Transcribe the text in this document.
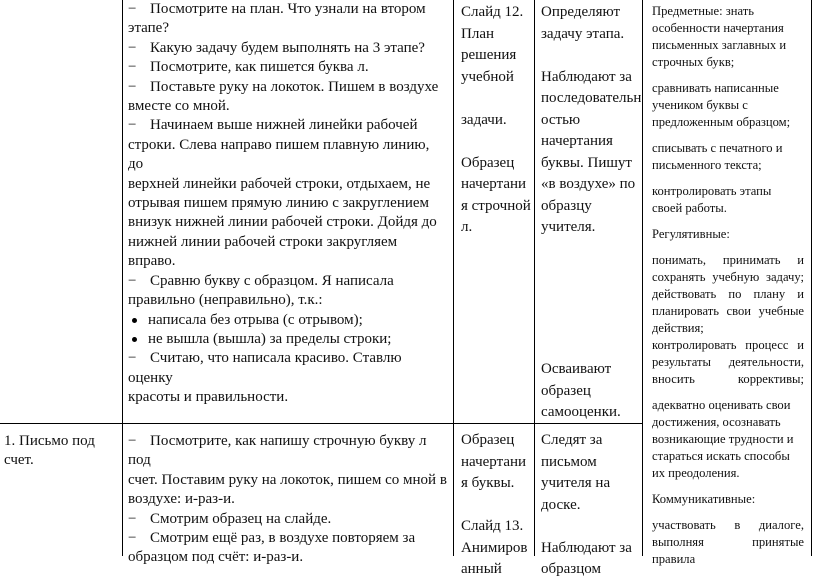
− Посмотрите на план. Что узнали на втором
этапе?
− Какую задачу будем выполнять на 3 этапе?
− Посмотрите, как пишется буква л.
− Поставьте руку на локоток. Пишем в воздухе
вместе со мной.
− Начинаем выше нижней линейки рабочей
строки. Слева направо пишем плавную линию, до
верхней линейки рабочей строки, отдыхаем, не
отрывая пишем прямую линию с закруглением
внизук нижней линии рабочей строки. Дойдя до
нижней линии рабочей строки закругляем вправо.
− Сравню букву с образцом. Я написала
правильно (неправильно), т.к.:
написала без отрыва (с отрывом);
не вышла (вышла) за пределы строки;
− Считаю, что написала красиво. Ставлю оценку
красоты и правильности.
Слайд 12.
План
решения
учебной

задачи.

Образец
начертани
я строчной
л.
Определяют
задачу этапа.

Наблюдают за
последовательн
остью
начертания
буквы. Пишут
«в воздухе» по
образцу
учителя.
Осваивают
образец
самооценки.
Предметные: знать
особенности начертания
письменных заглавных и
строчных букв;
сравнивать написанные
учеником буквы с
предложенным образцом;
списывать с печатного и
письменного текста;
контролировать этапы
своей работы.
Регулятивные:
понимать, принимать и
сохранять учебную задачу;
действовать по плану и
планировать свои учебные
действия;
контролировать процесс и
результаты деятельности,
вносить коррективы;
адекватно оценивать свои
достижения, осознавать
возникающие трудности и
стараться искать способы
их преодоления.
Коммуникативные:
участвовать в диалоге,
выполняя принятые правила
1. Письмо под
счет.
− Посмотрите, как напишу строчную букву л под
счет. Поставим руку на локоток, пишем со мной в
воздухе: и-раз-и.
− Смотрим образец на слайде.
− Смотрим ещё раз, в воздухе повторяем за
образцом под счёт: и-раз-и.
Образец
начертани
я буквы.

Слайд 13.
Анимиров
анный
Следят за
письмом
учителя на
доске.

Наблюдают за
образцом
